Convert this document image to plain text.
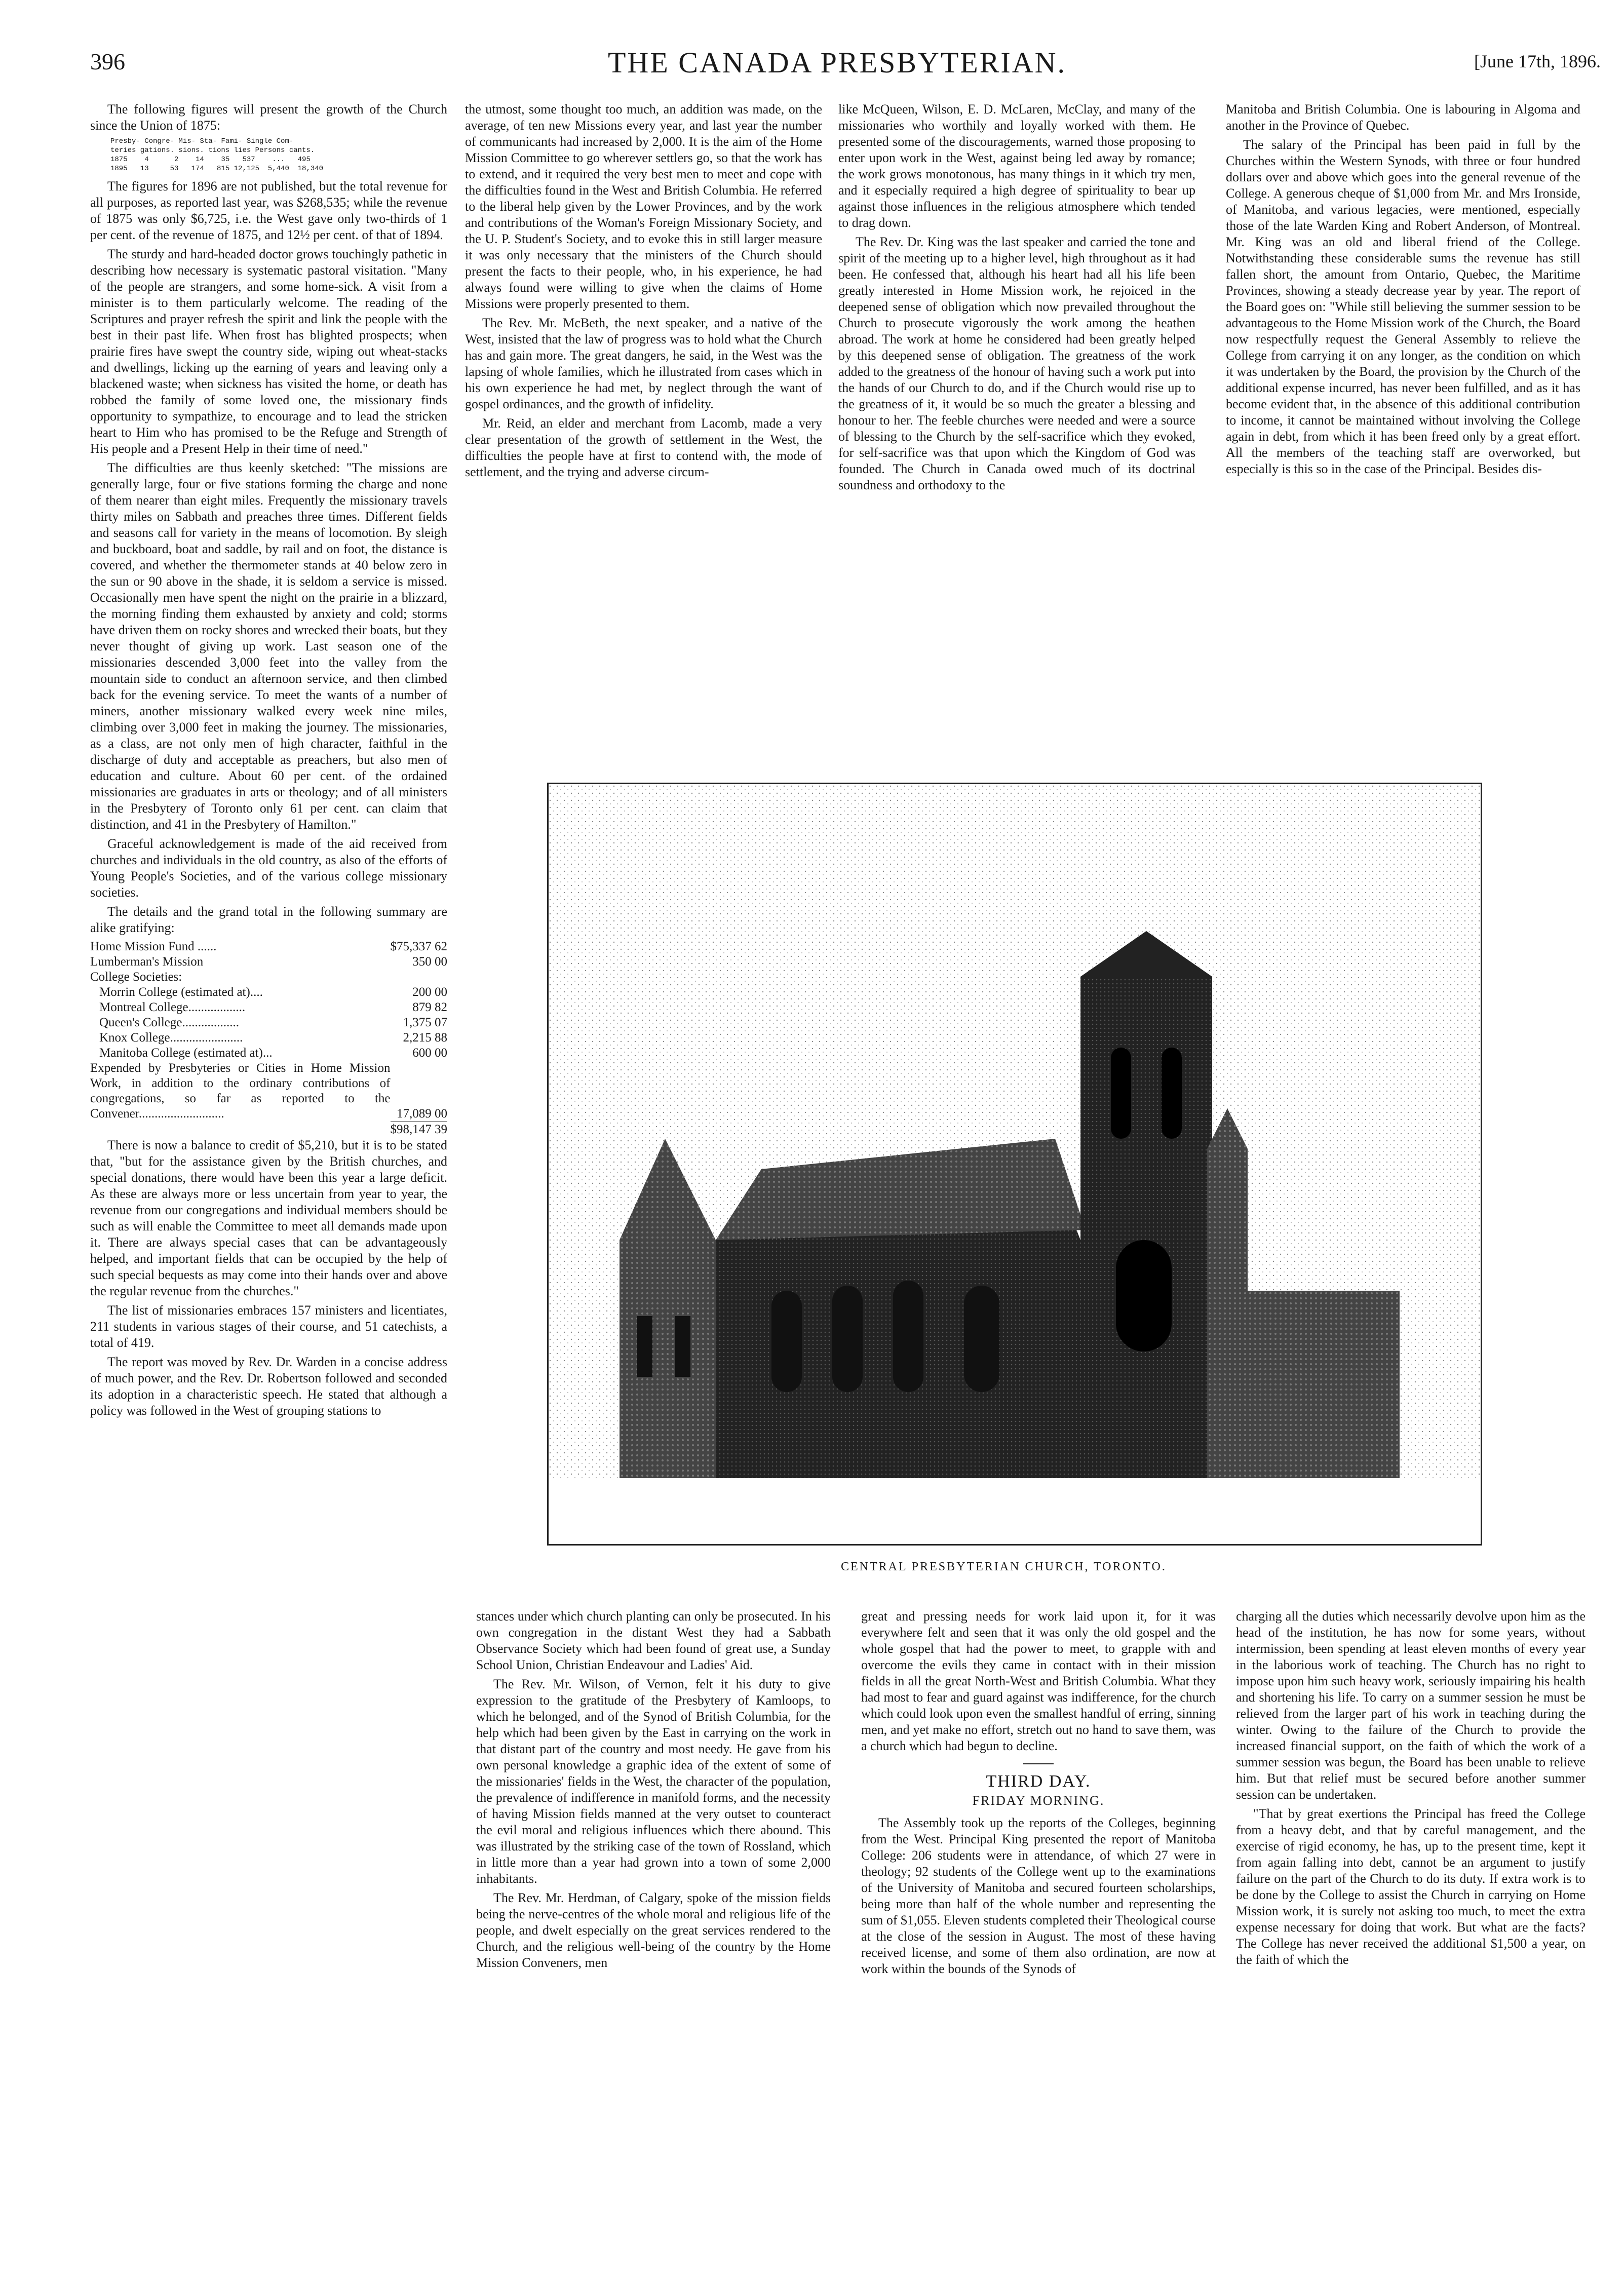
396	THE CANADA PRESBYTERIAN.	[June 17th, 1896.

The following figures will present the growth of the Church since the Union of 1875:

Presby- Congre- Mis- Sta- Fami- Single Com-
teries gations. sions. tions lies Persons cants.
1875    4      2    14    35   537    ...   495
1895   13     53   174   815 12,125  5,440  18,340

The figures for 1896 are not published, but the total revenue for all purposes, as reported last year, was $268,535; while the revenue of 1875 was only $6,725, i.e. the West gave only two-thirds of 1 per cent. of the revenue of 1875, and 12½ per cent. of that of 1894.

The sturdy and hard-headed doctor grows touchingly pathetic in describing how necessary is systematic pastoral visitation. "Many of the people are strangers, and some home-sick. A visit from a minister is to them particularly welcome. The reading of the Scriptures and prayer refresh the spirit and link the people with the best in their past life. When frost has blighted prospects; when prairie fires have swept the country side, wiping out wheat-stacks and dwellings, licking up the earning of years and leaving only a blackened waste; when sickness has visited the home, or death has robbed the family of some loved one, the missionary finds opportunity to sympathize, to encourage and to lead the stricken heart to Him who has promised to be the Refuge and Strength of His people and a Present Help in their time of need."

The difficulties are thus keenly sketched: "The missions are generally large, four or five stations forming the charge and none of them nearer than eight miles. Frequently the missionary travels thirty miles on Sabbath and preaches three times. Different fields and seasons call for variety in the means of locomotion. By sleigh and buckboard, boat and saddle, by rail and on foot, the distance is covered, and whether the thermometer stands at 40 below zero in the sun or 90 above in the shade, it is seldom a service is missed. Occasionally men have spent the night on the prairie in a blizzard, the morning finding them exhausted by anxiety and cold; storms have driven them on rocky shores and wrecked their boats, but they never thought of giving up work. Last season one of the missionaries descended 3,000 feet into the valley from the mountain side to conduct an afternoon service, and then climbed back for the evening service. To meet the wants of a number of miners, another missionary walked every week nine miles, climbing over 3,000 feet in making the journey. The missionaries, as a class, are not only men of high character, faithful in the discharge of duty and acceptable as preachers, but also men of education and culture. About 60 per cent. of the ordained missionaries are graduates in arts or theology; and of all ministers in the Presbytery of Toronto only 61 per cent. can claim that distinction, and 41 in the Presbytery of Hamilton."

Graceful acknowledgement is made of the aid received from churches and individuals in the old country, as also of the efforts of Young People's Societies, and of the various college missionary societies.

The details and the grand total in the following summary are alike gratifying:

Home Mission Fund ......	$75,337 62
Lumberman's Mission	350 00
College Societies:	
Morrin College (estimated at)....	200 00
Montreal College..................	879 82
Queen's College..................	1,375 07
Knox College.......................	2,215 88
Manitoba College (estimated at)...	600 00
Expended by Presbyteries or Cities in Home Mission Work, in addition to the ordinary contributions of congregations, so far as reported to the Convener...........................	17,089 00
	$98,147 39

There is now a balance to credit of $5,210, but it is to be stated that, "but for the assistance given by the British churches, and special donations, there would have been this year a large deficit. As these are always more or less uncertain from year to year, the revenue from our congregations and individual members should be such as will enable the Committee to meet all demands made upon it. There are always special cases that can be advantageously helped, and important fields that can be occupied by the help of such special bequests as may come into their hands over and above the regular revenue from the churches."

The list of missionaries embraces 157 ministers and licentiates, 211 students in various stages of their course, and 51 catechists, a total of 419.

The report was moved by Rev. Dr. Warden in a concise address of much power, and the Rev. Dr. Robertson followed and seconded its adoption in a characteristic speech. He stated that although a policy was followed in the West of grouping stations to

the utmost, some thought too much, an addition was made, on the average, of ten new Missions every year, and last year the number of communicants had increased by 2,000. It is the aim of the Home Mission Committee to go wherever settlers go, so that the work has to extend, and it required the very best men to meet and cope with the difficulties found in the West and British Columbia. He referred to the liberal help given by the Lower Provinces, and by the work and contributions of the Woman's Foreign Missionary Society, and the U. P. Student's Society, and to evoke this in still larger measure it was only necessary that the ministers of the Church should present the facts to their people, who, in his experience, he had always found were willing to give when the claims of Home Missions were properly presented to them.

The Rev. Mr. McBeth, the next speaker, and a native of the West, insisted that the law of progress was to hold what the Church has and gain more. The great dangers, he said, in the West was the lapsing of whole families, which he illustrated from cases which in his own experience he had met, by neglect through the want of gospel ordinances, and the growth of infidelity.

Mr. Reid, an elder and merchant from Lacomb, made a very clear presentation of the growth of settlement in the West, the difficulties the people have at first to contend with, the mode of settlement, and the trying and adverse circum-

like McQueen, Wilson, E. D. McLaren, McClay, and many of the missionaries who worthily and loyally worked with them. He presented some of the discouragements, warned those proposing to enter upon work in the West, against being led away by romance; the work grows monotonous, has many things in it which try men, and it especially required a high degree of spirituality to bear up against those influences in the religious atmosphere which tended to drag down.

The Rev. Dr. King was the last speaker and carried the tone and spirit of the meeting up to a higher level, high throughout as it had been. He confessed that, although his heart had all his life been greatly interested in Home Mission work, he rejoiced in the deepened sense of obligation which now prevailed throughout the Church to prosecute vigorously the work among the heathen abroad. The work at home he considered had been greatly helped by this deepened sense of obligation. The greatness of the work added to the greatness of the honour of having such a work put into the hands of our Church to do, and if the Church would rise up to the greatness of it, it would be so much the greater a blessing and honour to her. The feeble churches were needed and were a source of blessing to the Church by the self-sacrifice which they evoked, for self-sacrifice was that upon which the Kingdom of God was founded. The Church in Canada owed much of its doctrinal soundness and orthodoxy to the

Manitoba and British Columbia. One is labouring in Algoma and another in the Province of Quebec.

The salary of the Principal has been paid in full by the Churches within the Western Synods, with three or four hundred dollars over and above which goes into the general revenue of the College. A generous cheque of $1,000 from Mr. and Mrs Ironside, of Manitoba, and various legacies, were mentioned, especially those of the late Warden King and Robert Anderson, of Montreal. Mr. King was an old and liberal friend of the College. Notwithstanding these considerable sums the revenue has still fallen short, the amount from Ontario, Quebec, the Maritime Provinces, showing a steady decrease year by year. The report of the Board goes on: "While still believing the summer session to be advantageous to the Home Mission work of the Church, the Board now respectfully request the General Assembly to relieve the College from carrying it on any longer, as the condition on which it was undertaken by the Board, the provision by the Church of the additional expense incurred, has never been fulfilled, and as it has become evident that, in the absence of this additional contribution to income, it cannot be maintained without involving the College again in debt, from which it has been freed only by a great effort. All the members of the teaching staff are overworked, but especially is this so in the case of the Principal. Besides dis-

CENTRAL PRESBYTERIAN CHURCH, TORONTO.

stances under which church planting can only be prosecuted. In his own congregation in the distant West they had a Sabbath Observance Society which had been found of great use, a Sunday School Union, Christian Endeavour and Ladies' Aid.

The Rev. Mr. Wilson, of Vernon, felt it his duty to give expression to the gratitude of the Presbytery of Kamloops, to which he belonged, and of the Synod of British Columbia, for the help which had been given by the East in carrying on the work in that distant part of the country and most needy. He gave from his own personal knowledge a graphic idea of the extent of some of the missionaries' fields in the West, the character of the population, the prevalence of indifference in manifold forms, and the necessity of having Mission fields manned at the very outset to counteract the evil moral and religious influences which there abound. This was illustrated by the striking case of the town of Rossland, which in little more than a year had grown into a town of some 2,000 inhabitants.

The Rev. Mr. Herdman, of Calgary, spoke of the mission fields being the nerve-centres of the whole moral and religious life of the people, and dwelt especially on the great services rendered to the Church, and the religious well-being of the country by the Home Mission Conveners, men

great and pressing needs for work laid upon it, for it was everywhere felt and seen that it was only the old gospel and the whole gospel that had the power to meet, to grapple with and overcome the evils they came in contact with in their mission fields in all the great North-West and British Columbia. What they had most to fear and guard against was indifference, for the church which could look upon even the smallest handful of erring, sinning men, and yet make no effort, stretch out no hand to save them, was a church which had begun to decline.

THIRD DAY.
FRIDAY MORNING.

The Assembly took up the reports of the Colleges, beginning from the West. Principal King presented the report of Manitoba College: 206 students were in attendance, of which 27 were in theology; 92 students of the College went up to the examinations of the University of Manitoba and secured fourteen scholarships, being more than half of the whole number and representing the sum of $1,055. Eleven students completed their Theological course at the close of the session in August. The most of these having received license, and some of them also ordination, are now at work within the bounds of the Synods of

charging all the duties which necessarily devolve upon him as the head of the institution, he has now for some years, without intermission, been spending at least eleven months of every year in the laborious work of teaching. The Church has no right to impose upon him such heavy work, seriously impairing his health and shortening his life. To carry on a summer session he must be relieved from the larger part of his work in teaching during the winter. Owing to the failure of the Church to provide the increased financial support, on the faith of which the work of a summer session was begun, the Board has been unable to relieve him. But that relief must be secured before another summer session can be undertaken.

"That by great exertions the Principal has freed the College from a heavy debt, and that by careful management, and the exercise of rigid economy, he has, up to the present time, kept it from again falling into debt, cannot be an argument to justify failure on the part of the Church to do its duty. If extra work is to be done by the College to assist the Church in carrying on Home Mission work, it is surely not asking too much, to meet the extra expense necessary for doing that work. But what are the facts? The College has never received the additional $1,500 a year, on the faith of which the
